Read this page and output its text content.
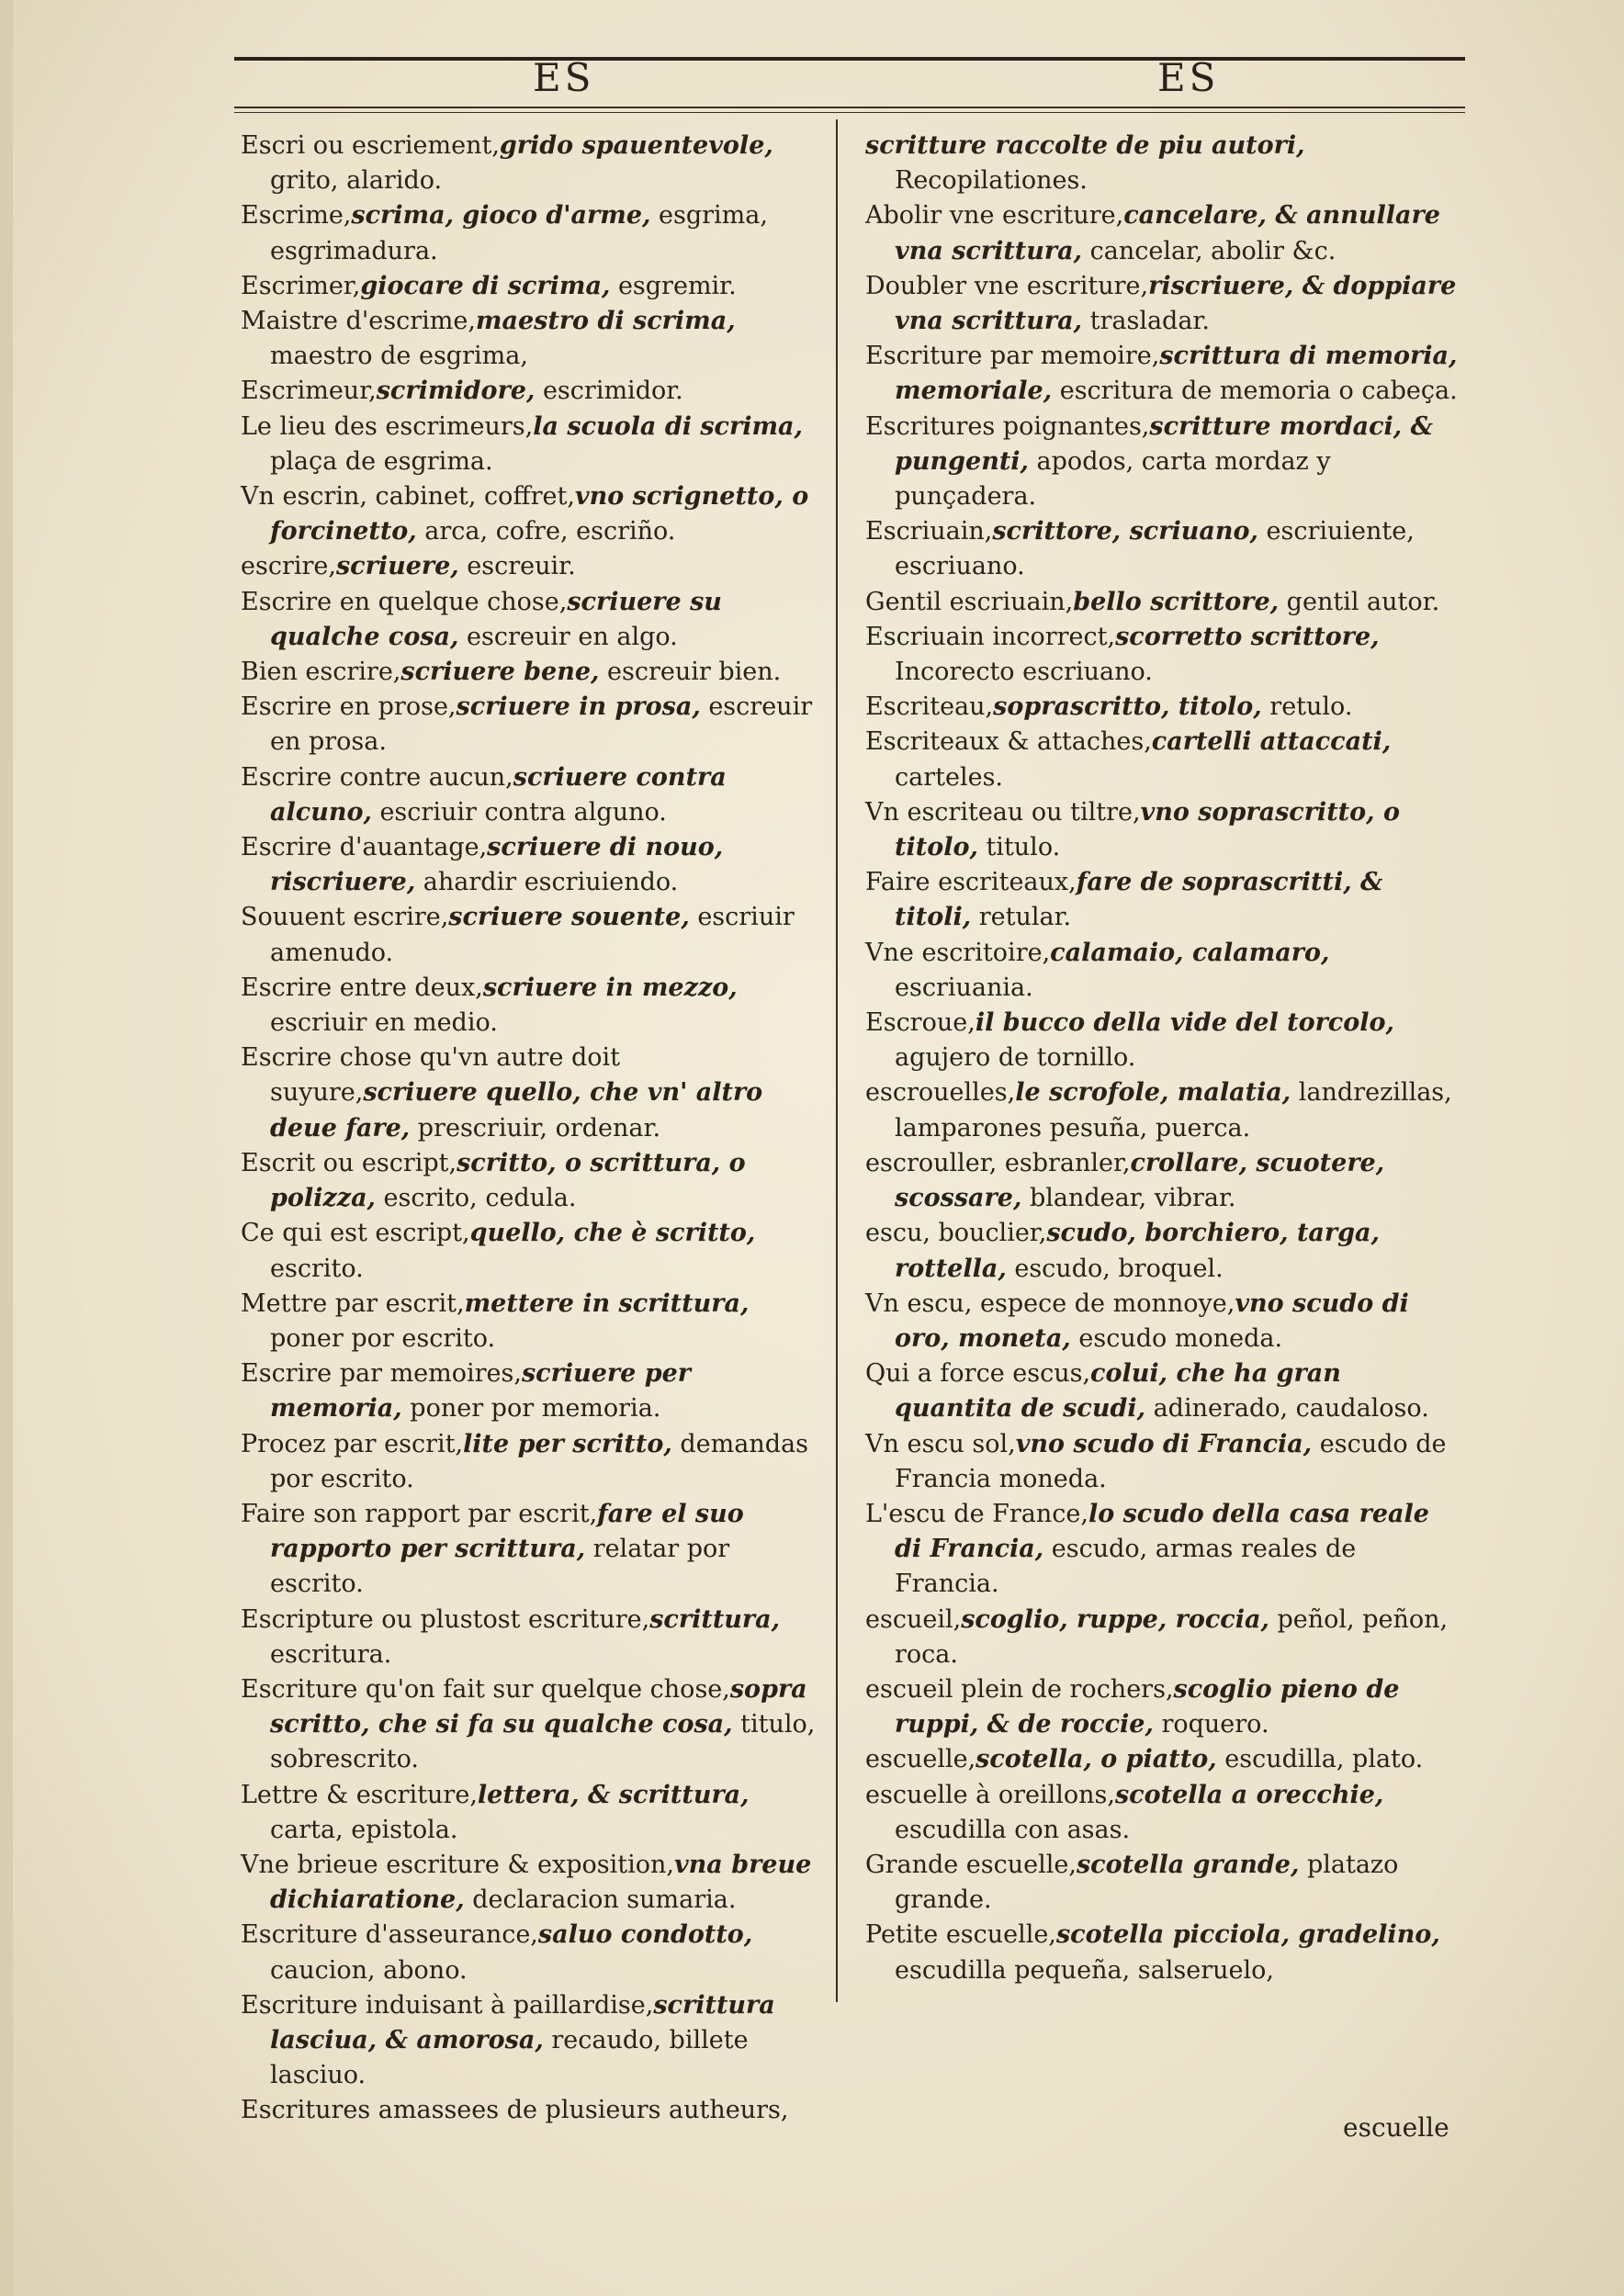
ES	ES

Escri ou escriement,grido spauentevole, grito, alarido.

Escrime,scrima, gioco d'arme, esgrima, esgrimadura.

Escrimer,giocare di scrima, esgremir.

Maistre d'escrime,maestro di scrima, maestro de esgrima,

Escrimeur,scrimidore, escrimidor.

Le lieu des escrimeurs,la scuola di scrima, plaça de esgrima.

Vn escrin, cabinet, coffret,vno scrignetto, o forcinetto, arca, cofre, escriño.

escrire,scriuere, escreuir.

Escrire en quelque chose,scriuere su qualche cosa, escreuir en algo.

Bien escrire,scriuere bene, escreuir bien.

Escrire en prose,scriuere in prosa, escreuir en prosa.

Escrire contre aucun,scriuere contra alcuno, escriuir contra alguno.

Escrire d'auantage,scriuere di nouo, riscriuere, ahardir escriuiendo.

Souuent escrire,scriuere souente, escriuir amenudo.

Escrire entre deux,scriuere in mezzo, escriuir en medio.

Escrire chose qu'vn autre doit suyure,scriuere quello, che vn' altro deue fare, prescriuir, ordenar.

Escrit ou escript,scritto, o scrittura, o polizza, escrito, cedula.

Ce qui est escript,quello, che è scritto, escrito.

Mettre par escrit,mettere in scrittura, poner por escrito.

Escrire par memoires,scriuere per memoria, poner por memoria.

Procez par escrit,lite per scritto, demandas por escrito.

Faire son rapport par escrit,fare el suo rapporto per scrittura, relatar por escrito.

Escripture ou plustost escriture,scrittura, escritura.

Escriture qu'on fait sur quelque chose,sopra scritto, che si fa su qualche cosa, titulo, sobrescrito.

Lettre & escriture,lettera, & scrittura, carta, epistola.

Vne brieue escriture & exposition,vna breue dichiaratione, declaracion sumaria.

Escriture d'asseurance,saluo condotto, caucion, abono.

Escriture induisant à paillardise,scrittura lasciua, & amorosa, recaudo, billete lasciuo.

Escritures amassees de plusieurs autheurs,

scritture raccolte de piu autori, Recopilationes.

Abolir vne escriture,cancelare, & annullare vna scrittura, cancelar, abolir &c.

Doubler vne escriture,riscriuere, & doppiare vna scrittura, trasladar.

Escriture par memoire,scrittura di memoria, memoriale, escritura de memoria o cabeça.

Escritures poignantes,scritture mordaci, & pungenti, apodos, carta mordaz y punçadera.

Escriuain,scrittore, scriuano, escriuiente, escriuano.

Gentil escriuain,bello scrittore, gentil autor.

Escriuain incorrect,scorretto scrittore, Incorecto escriuano.

Escriteau,soprascritto, titolo, retulo.

Escriteaux & attaches,cartelli attaccati, carteles.

Vn escriteau ou tiltre,vno soprascritto, o titolo, titulo.

Faire escriteaux,fare de soprascritti, & titoli, retular.

Vne escritoire,calamaio, calamaro, escriuania.

Escroue,il bucco della vide del torcolo, agujero de tornillo.

escrouelles,le scrofole, malatia, landrezillas, lamparones pesuña, puerca.

escrouller, esbranler,crollare, scuotere, scossare, blandear, vibrar.

escu, bouclier,scudo, borchiero, targa, rottella, escudo, broquel.

Vn escu, espece de monnoye,vno scudo di oro, moneta, escudo moneda.

Qui a force escus,colui, che ha gran quantita de scudi, adinerado, caudaloso.

Vn escu sol,vno scudo di Francia, escudo de Francia moneda.

L'escu de France,lo scudo della casa reale di Francia, escudo, armas reales de Francia.

escueil,scoglio, ruppe, roccia, peñol, peñon, roca.

escueil plein de rochers,scoglio pieno de ruppi, & de roccie, roquero.

escuelle,scotella, o piatto, escudilla, plato.

escuelle à oreillons,scotella a orecchie, escudilla con asas.

Grande escuelle,scotella grande, platazo grande.

Petite escuelle,scotella picciola, gradelino, escudilla pequeña, salseruelo,

escuelle
